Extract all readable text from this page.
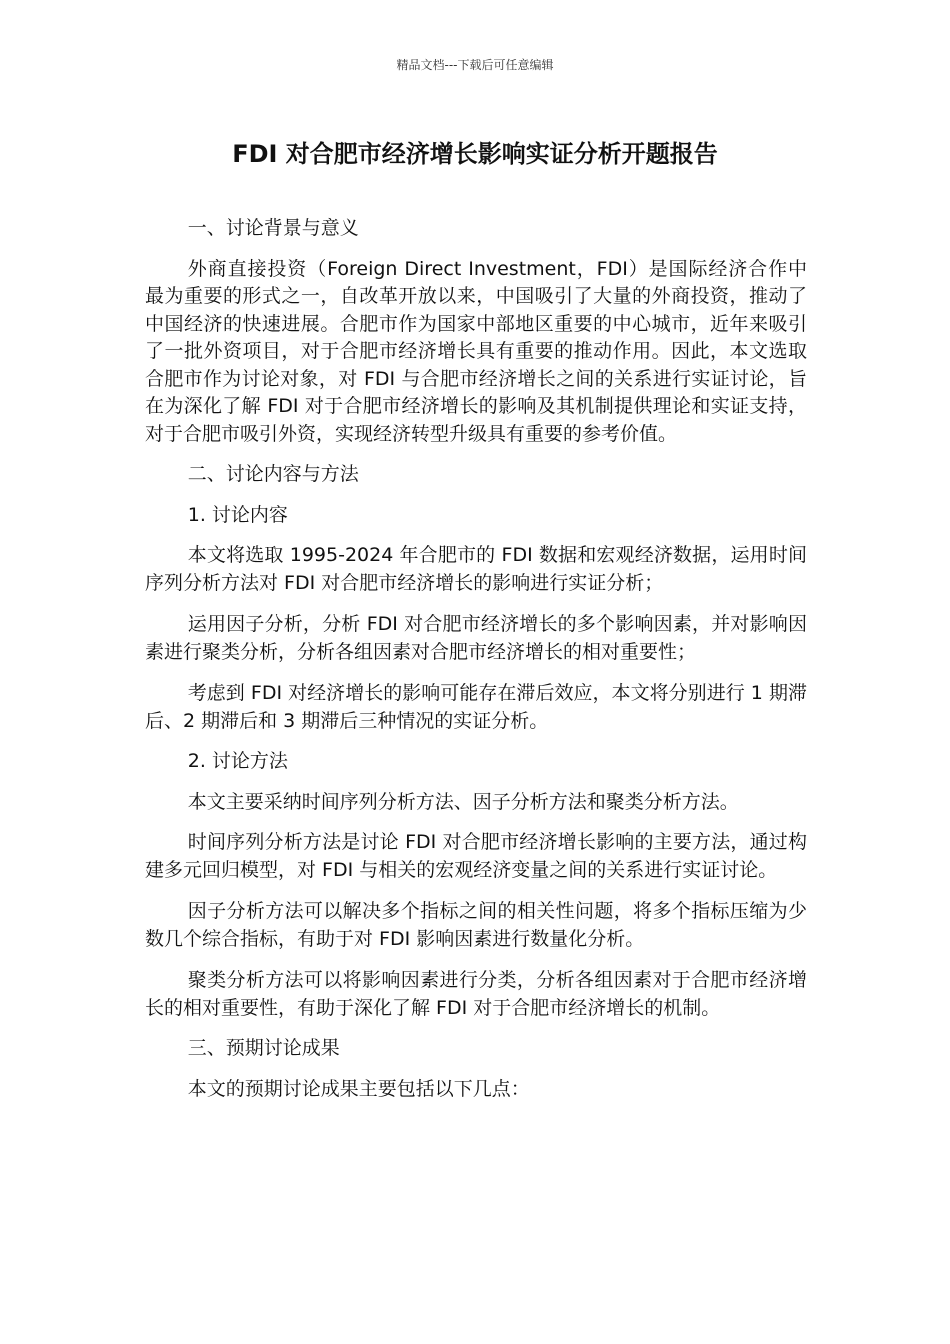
精品文档---下载后可任意编辑
FDI 对合肥市经济增长影响实证分析开题报告

一、讨论背景与意义

外商直接投资（Foreign Direct Investment，FDI）是国际经济合作中最为重要的形式之一，自改革开放以来，中国吸引了大量的外商投资，推动了中国经济的快速进展。合肥市作为国家中部地区重要的中心城市，近年来吸引了一批外资项目，对于合肥市经济增长具有重要的推动作用。因此，本文选取合肥市作为讨论对象，对 FDI 与合肥市经济增长之间的关系进行实证讨论，旨在为深化了解 FDI 对于合肥市经济增长的影响及其机制提供理论和实证支持，对于合肥市吸引外资，实现经济转型升级具有重要的参考价值。

二、讨论内容与方法

1. 讨论内容

本文将选取 1995-2024 年合肥市的 FDI 数据和宏观经济数据，运用时间序列分析方法对 FDI 对合肥市经济增长的影响进行实证分析；

运用因子分析，分析 FDI 对合肥市经济增长的多个影响因素，并对影响因素进行聚类分析，分析各组因素对合肥市经济增长的相对重要性；

考虑到 FDI 对经济增长的影响可能存在滞后效应，本文将分别进行 1 期滞后、2 期滞后和 3 期滞后三种情况的实证分析。

2. 讨论方法

本文主要采纳时间序列分析方法、因子分析方法和聚类分析方法。

时间序列分析方法是讨论 FDI 对合肥市经济增长影响的主要方法，通过构建多元回归模型，对 FDI 与相关的宏观经济变量之间的关系进行实证讨论。

因子分析方法可以解决多个指标之间的相关性问题，将多个指标压缩为少数几个综合指标，有助于对 FDI 影响因素进行数量化分析。

聚类分析方法可以将影响因素进行分类，分析各组因素对于合肥市经济增长的相对重要性，有助于深化了解 FDI 对于合肥市经济增长的机制。

三、预期讨论成果

本文的预期讨论成果主要包括以下几点：
